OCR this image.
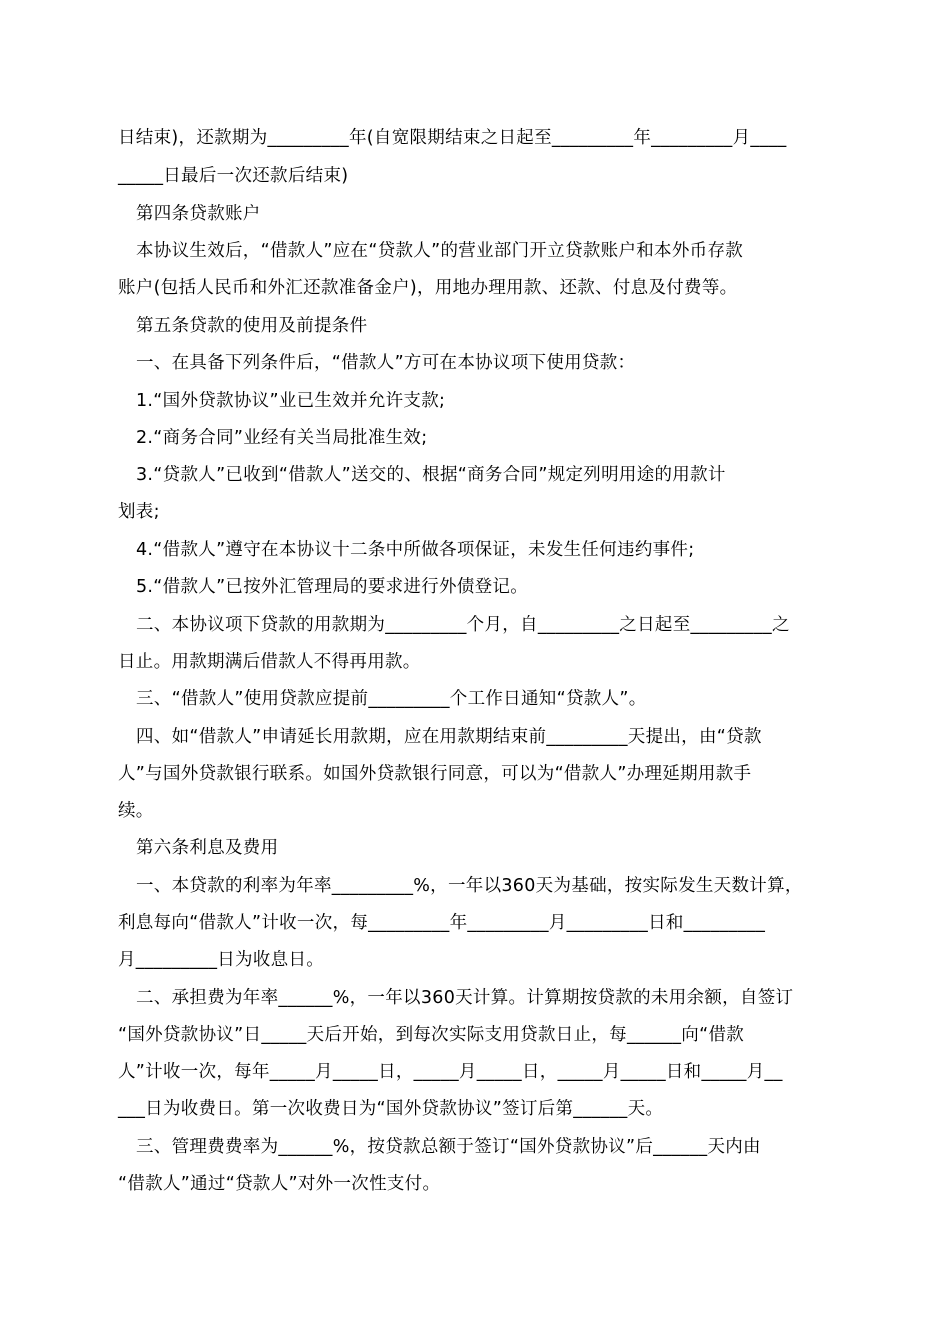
日结束)，还款期为_________年(自宽限期结束之日起至_________年_________月____
_____日最后一次还款后结束)
第四条贷款账户
本协议生效后，“借款人”应在“贷款人”的营业部门开立贷款账户和本外币存款
账户(包括人民币和外汇还款准备金户)，用地办理用款、还款、付息及付费等。
第五条贷款的使用及前提条件
一、在具备下列条件后，“借款人”方可在本协议项下使用贷款：
1.“国外贷款协议”业已生效并允许支款;
2.“商务合同”业经有关当局批准生效;
3.“贷款人”已收到“借款人”送交的、根据“商务合同”规定列明用途的用款计
划表;
4.“借款人”遵守在本协议十二条中所做各项保证，未发生任何违约事件;
5.“借款人”已按外汇管理局的要求进行外债登记。
二、本协议项下贷款的用款期为_________个月，自_________之日起至_________之
日止。用款期满后借款人不得再用款。
三、“借款人”使用贷款应提前_________个工作日通知“贷款人”。
四、如“借款人”申请延长用款期，应在用款期结束前_________天提出，由“贷款
人”与国外贷款银行联系。如国外贷款银行同意，可以为“借款人”办理延期用款手
续。
第六条利息及费用
一、本贷款的利率为年率_________%，一年以360天为基础，按实际发生天数计算，
利息每向“借款人”计收一次，每_________年_________月_________日和_________
月_________日为收息日。
二、承担费为年率______%，一年以360天计算。计算期按贷款的未用余额，自签订
“国外贷款协议”日_____天后开始，到每次实际支用贷款日止，每______向“借款
人”计收一次，每年_____月_____日，_____月_____日，_____月_____日和_____月__
___日为收费日。第一次收费日为“国外贷款协议”签订后第______天。
三、管理费费率为______%，按贷款总额于签订“国外贷款协议”后______天内由
“借款人”通过“贷款人”对外一次性支付。
